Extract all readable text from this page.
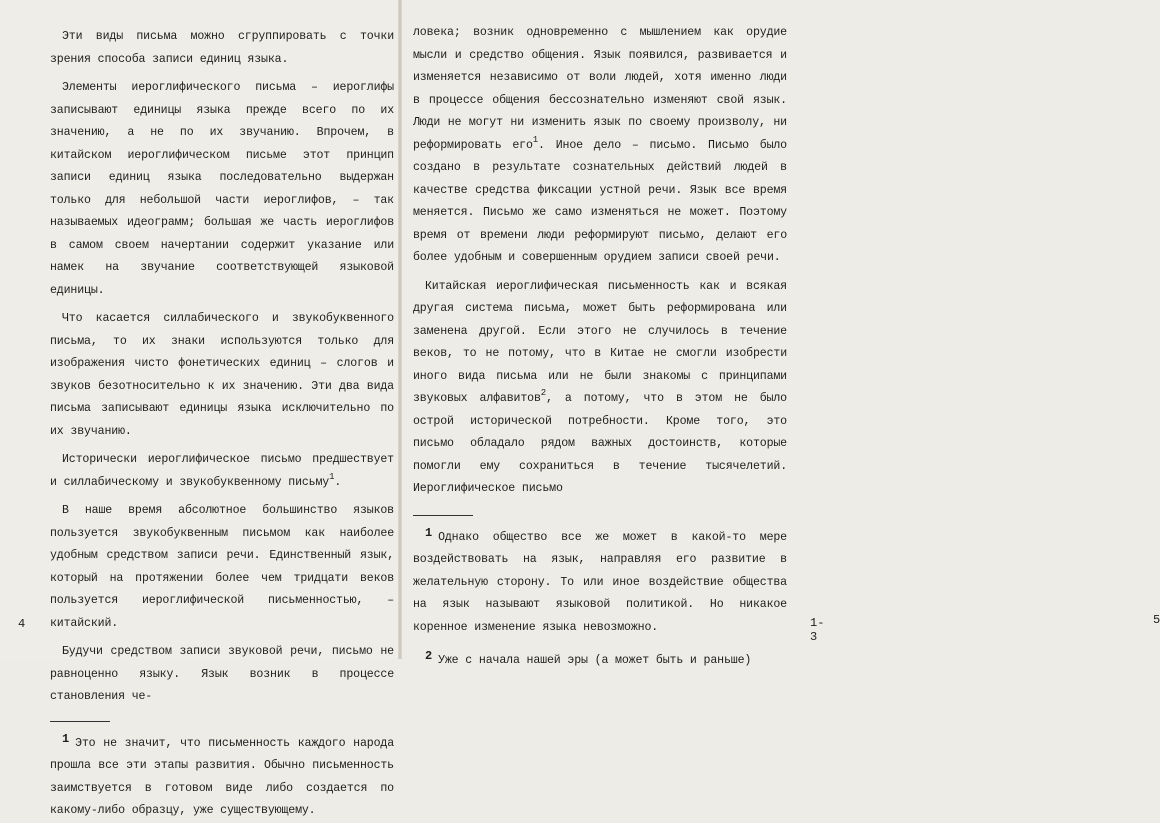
Эти виды письма можно сгруппировать с точки зрения способа записи единиц языка.

Элементы иероглифического письма – иероглифы записывают единицы языка прежде всего по их значению, а не по их звучанию. Впрочем, в китайском иероглифическом письме этот принцип записи единиц языка последовательно выдержан только для небольшой части иероглифов, – так называемых идеограмм; большая же часть иероглифов в самом своем начертании содержит указание или намек на звучание соответствующей языковой единицы.

Что касается силлабического и звукобуквенного письма, то их знаки используются только для изображения чисто фонетических единиц – слогов и звуков безотносительно к их значению. Эти два вида письма записывают единицы языка исключительно по их звучанию.

Исторически иероглифическое письмо предшествует и силлабическому и звукобуквенному письму$^1$.

В наше время абсолютное большинство языков пользуется звукобуквенным письмом как наиболее удобным средством записи речи. Единственный язык, который на протяжении более чем тридцати веков пользуется иероглифической письменностью, – китайский.

Будучи средством записи звуковой речи, письмо не равноценно языку. Язык возник в процессе становления че-

1 Это не значит, что письменность каждого народа прошла все эти этапы развития. Обычно письменность заимствуется в готовом виде либо создается по какому-либо образцу, уже существующему.

4

ловека; возник одновременно с мышлением как орудие мысли и средство общения. Язык появился, развивается и изменяется независимо от воли людей, хотя именно люди в процессе общения бессознательно изменяют свой язык. Люди не могут ни изменить язык по своему произволу, ни реформировать его$^1$. Иное дело – письмо. Письмо было создано в результате сознательных действий людей в качестве средства фиксации устной речи. Язык все время меняется. Письмо же само изменяться не может. Поэтому время от времени люди реформируют письмо, делают его более удобным и совершенным орудием записи своей речи.

Китайская иероглифическая письменность как и всякая другая система письма, может быть реформирована или заменена другой. Если этого не случилось в течение веков, то не потому, что в Китае не смогли изобрести иного вида письма или не были знакомы с принципами звуковых алфавитов$^2$, а потому, что в этом не было острой исторической потребности. Кроме того, это письмо обладало рядом важных достоинств, которые помогли ему сохраниться в течение тысячелетий. Иероглифическое письмо

1 Однако общество все же может в какой-то мере воздействовать на язык, направляя его развитие в желательную сторону. То или иное воздействие общества на язык называют языковой политикой. Но никакое коренное изменение языка невозможно.

2 Уже с начала нашей эры (а может быть и раньше)

1-3
5
